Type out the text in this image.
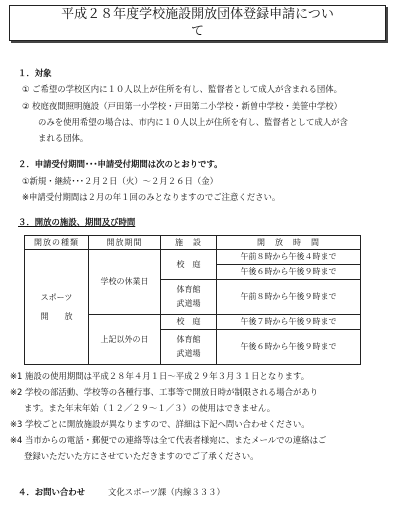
平成２８年度学校施設開放団体登録申請につい
て
１．対象
① ご希望の学校区内に１０人以上が住所を有し、監督者として成人が含まれる団体。
② 校庭夜間照明施設（戸田第一小学校・戸田第二小学校・新曽中学校・美笹中学校）
のみを使用希望の場合は、市内に１０人以上が住所を有し、監督者として成人が含
まれる団体。
２．申請受付期間･･･申請受付期間は次のとおりです。
①新規・継続･･･２月２日（火）～２月２６日（金）
※申請受付期間は２月の年１回のみとなりますのでご注意ください。
３．開放の施設、期間及び時間
開放の種類	開放期間	施　設	開　放　時　間

スポーツ
開　　放	学校の休業日	校　庭	午前８時から午後４時まで
			午後６時から午後９時まで

		体育館
武道場	午前８時から午後９時まで

	上記以外の日	校　庭	午後７時から午後９時まで

		体育館
武道場	午後６時から午後９時まで

※1 施設の使用期間は平成２８年４月１日～平成２９年３月３１日となります。
※2 学校の部活動、学校等の各種行事、工事等で開放日時が制限される場合があり
ます。また年末年始（１２／２９～１／３）の使用はできません。
※3 学校ごとに開放施設が異なりますので、詳細は下記へ問い合わせください。
※4 当市からの電話・郵便での連絡等は全て代表者様宛に、またメールでの連絡はご
登録いただいた方にさせていただきますのでご了承ください。
４．お問い合わせ	文化スポーツ課（内線３３３）
